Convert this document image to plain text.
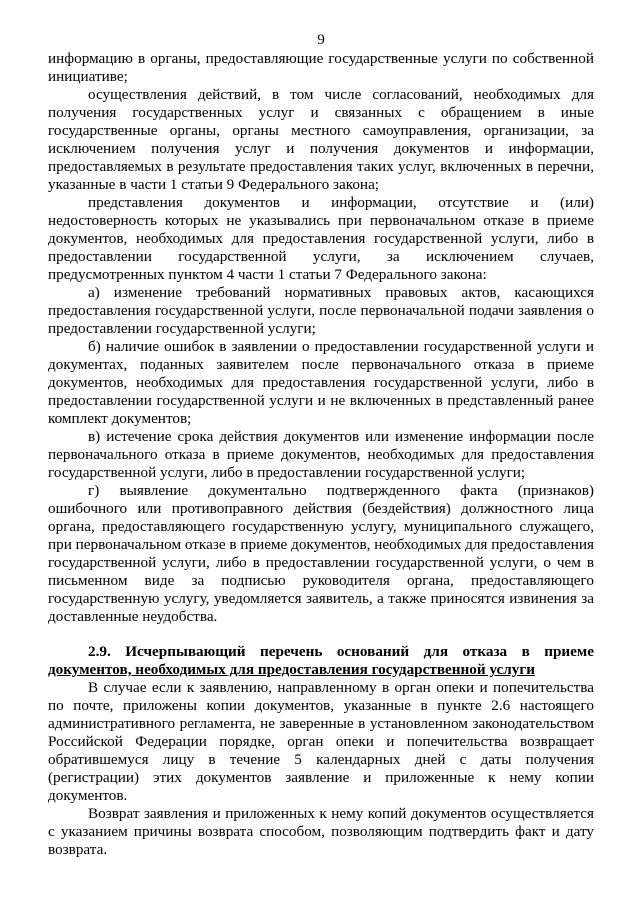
9

информацию в органы, предоставляющие государственные услуги по собственной инициативе;

осуществления действий, в том числе согласований, необходимых для получения государственных услуг и связанных с обращением в иные государственные органы, органы местного самоуправления, организации, за исключением получения услуг и получения документов и информации, предоставляемых в результате предоставления таких услуг, включенных в перечни, указанные в части 1 статьи 9 Федерального закона;

представления документов и информации, отсутствие и (или) недостоверность которых не указывались при первоначальном отказе в приеме документов, необходимых для предоставления государственной услуги, либо в предоставлении государственной услуги, за исключением случаев, предусмотренных пунктом 4 части 1 статьи 7 Федерального закона:

а) изменение требований нормативных правовых актов, касающихся предоставления государственной услуги, после первоначальной подачи заявления о предоставлении государственной услуги;

б) наличие ошибок в заявлении о предоставлении государственной услуги и документах, поданных заявителем после первоначального отказа в приеме документов, необходимых для предоставления государственной услуги, либо в предоставлении государственной услуги и не включенных в представленный ранее комплект документов;

в) истечение срока действия документов или изменение информации после первоначального отказа в приеме документов, необходимых для предоставления государственной услуги, либо в предоставлении государственной услуги;

г) выявление документально подтвержденного факта (признаков) ошибочного или противоправного действия (бездействия) должностного лица органа, предоставляющего государственную услугу, муниципального служащего, при первоначальном отказе в приеме документов, необходимых для предоставления государственной услуги, либо в предоставлении государственной услуги, о чем в письменном виде за подписью руководителя органа, предоставляющего государственную услугу, уведомляется заявитель, а также приносятся извинения за доставленные неудобства.

2.9. Исчерпывающий перечень оснований для отказа в приеме документов, необходимых для предоставления государственной услуги

В случае если к заявлению, направленному в орган опеки и попечительства по почте, приложены копии документов, указанные в пункте 2.6 настоящего административного регламента, не заверенные в установленном законодательством Российской Федерации порядке, орган опеки и попечительства возвращает обратившемуся лицу в течение 5 календарных дней с даты получения (регистрации) этих документов заявление и приложенные к нему копии документов.

Возврат заявления и приложенных к нему копий документов осуществляется с указанием причины возврата способом, позволяющим подтвердить факт и дату возврата.
